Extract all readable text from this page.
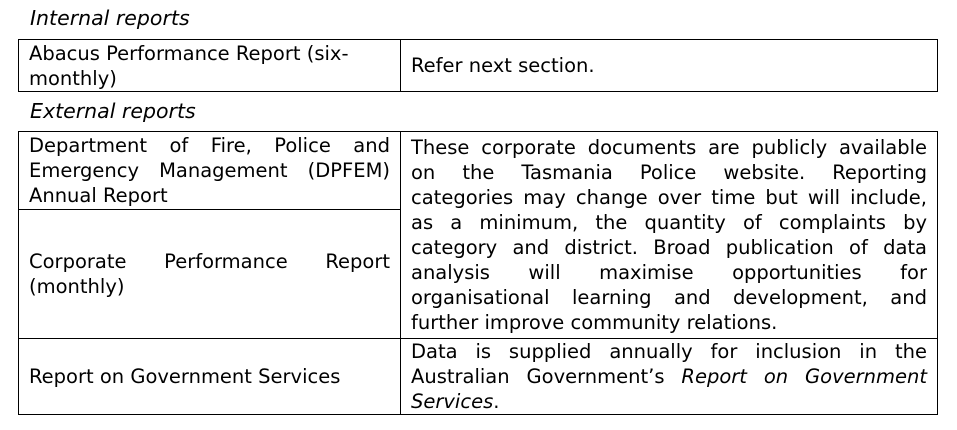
Internal reports
Abacus Performance Report (six-monthly)	Refer next section.
External reports
Department of Fire, Police and Emergency Management (DPFEM) Annual Report	These corporate documents are publicly available on the Tasmania Police website. Reporting categories may change over time but will include, as a minimum, the quantity of complaints by category and district. Broad publication of data analysis will maximise opportunities for organisational learning and development, and further improve community relations.

Corporate Performance Report
(monthly)	

Report on Government Services	Data is supplied annually for inclusion in the Australian Government’s Report on Government Services.
